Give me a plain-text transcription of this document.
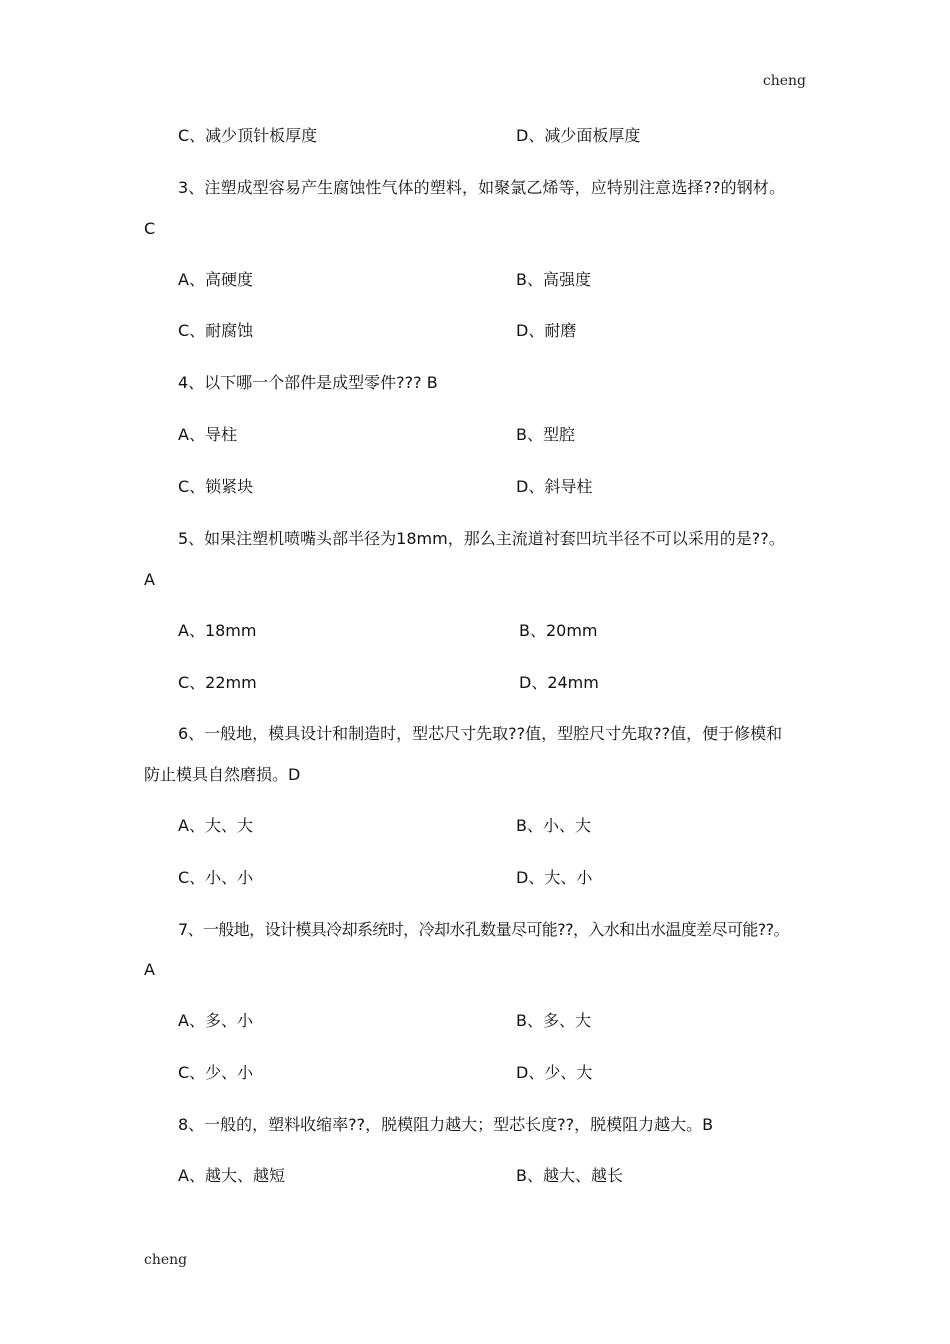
cheng
C、减少顶针板厚度	D、减少面板厚度
3、注塑成型容易产生腐蚀性气体的塑料，如聚氯乙烯等，应特别注意选择??的钢材。
C
A、高硬度	B、高强度
C、耐腐蚀	D、耐磨
4、以下哪一个部件是成型零件??? B
A、导柱	B、型腔
C、锁紧块	D、斜导柱
5、如果注塑机喷嘴头部半径为18mm，那么主流道衬套凹坑半径不可以采用的是??。
A
A、18mm	B、20mm
C、22mm	D、24mm
6、一般地，模具设计和制造时，型芯尺寸先取??值，型腔尺寸先取??值，便于修模和
防止模具自然磨损。D
A、大、大	B、小、大
C、小、小	D、大、小
7、一般地，设计模具冷却系统时，冷却水孔数量尽可能??，入水和出水温度差尽可能??。
A
A、多、小	B、多、大
C、少、小	D、少、大
8、一般的，塑料收缩率??，脱模阻力越大；型芯长度??，脱模阻力越大。B
A、越大、越短	B、越大、越长
cheng
